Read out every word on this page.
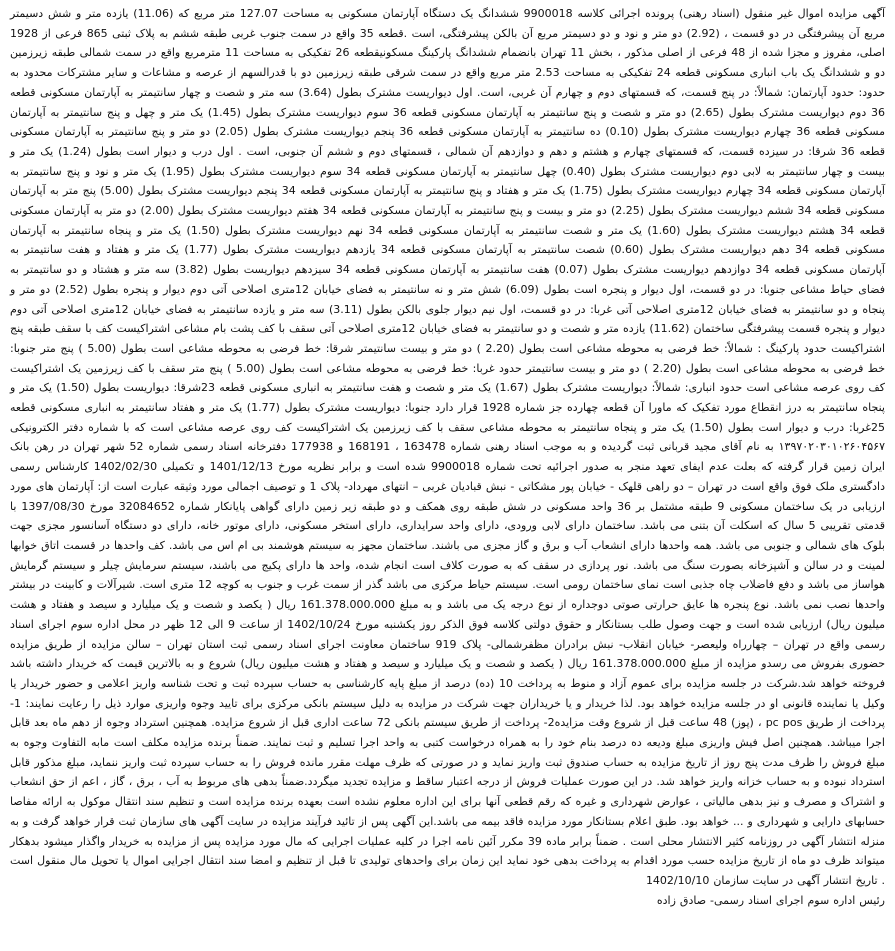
آگهی مزایده اموال غیر منقول (اسناد رهنی) پرونده اجرائی کلاسه 9900018 ششدانگ یک دستگاه آپارتمان مسکونی به مساحت 127.07 متر مربع که (11.06) یازده متر و شش دسیمتر مربع آن پیشرفتگی در دو قسمت ، (2.92) دو متر و نود و دو دسیمتر مربع آن بالکن پیشرفتگی، است .قطعه 35 واقع در سمت جنوب غربی طبقه ششم به پلاک ثبتی 865 فرعی از 1928 اصلی، مفروز و مجزا شده از 48 فرعی از اصلی مذکور ، بخش 11 تهران بانضمام ششدانگ پارکینگ مسکونیقطعه 26 تفکیکی به مساحت 11 مترمربع واقع در سمت شمالی طبقه زیرزمین دو و ششدانگ یک باب انباری مسکونی قطعه 24 تفکیکی به مساحت 2.53 متر مربع واقع در سمت شرقی طبقه زیرزمین دو با قدرالسهم از عرصه و مشاعات و سایر مشترکات محدود به حدود: حدود آپارتمان: شمالاً: در پنج قسمت، که قسمتهای دوم و چهارم آن غربی، است. اول دیواریست مشترک بطول (3.64) سه متر و شصت و چهار سانتیمتر به آپارتمان مسکونی قطعه 36 دوم دیواریست مشترک بطول (2.65) دو متر و شصت و پنج سانتیمتر به آپارتمان مسکونی قطعه 36 سوم دیواریست مشترک بطول (1.45) یک متر و چهل و پنج سانتیمتر به آپارتمان مسکونی قطعه 36 چهارم دیواریست مشترک بطول (0.10) ده سانتیمتر به آپارتمان مسکونی قطعه 36 پنجم دیواریست مشترک بطول (2.05) دو متر و پنج سانتیمتر به آپارتمان مسکونی قطعه 36 شرقا: در سیزده قسمت، که قسمتهای چهارم و هشتم و دهم و دوازدهم آن شمالی ، قسمتهای دوم و ششم آن جنوبی، است . اول درب و دیوار است بطول (1.24) یک متر و بیست و چهار سانتیمتر به لابی دوم دیواریست مشترک بطول (0.40) چهل سانتیمتر به آپارتمان مسکونی قطعه 34 سوم دیواریست مشترک بطول (1.95) یک متر و نود و پنج سانتیمتر به آپارتمان مسکونی قطعه 34 چهارم دیواریست مشترک بطول (1.75) یک متر و هفتاد و پنج سانتیمتر به آپارتمان مسکونی قطعه 34 پنجم دیواریست مشترک بطول (5.00) پنج متر به آپارتمان مسکونی قطعه 34 ششم دیواریست مشترک بطول (2.25) دو متر و بیست و پنج سانتیمتر به آپارتمان مسکونی قطعه 34 هفتم دیواریست مشترک بطول (2.00) دو متر به آپارتمان مسکونی قطعه 34 هشتم دیواریست مشترک بطول (1.60) یک متر و شصت سانتیمتر به آپارتمان مسکونی قطعه 34 نهم دیواریست مشترک بطول (1.50) یک متر و پنجاه سانتیمتر به آپارتمان مسکونی قطعه 34 دهم دیواریست مشترک بطول (0.60) شصت سانتیمتر به آپارتمان مسکونی قطعه 34 یازدهم دیواریست مشترک بطول (1.77) یک متر و هفتاد و هفت سانتیمتر به آپارتمان مسکونی قطعه 34 دوازدهم دیواریست مشترک بطول (0.07) هفت سانتیمتر به آپارتمان مسکونی قطعه 34 سیزدهم دیواریست بطول (3.82) سه متر و هشتاد و دو سانتیمتر به فضای حیاط مشاعی جنوبا: در دو قسمت، اول دیوار و پنجره است بطول (6.09) شش متر و نه سانتیمتر به فضای خیابان 12متری اصلاحی آتی دوم دیوار و پنجره بطول (2.52) دو متر و پنجاه و دو سانتیمتر به فضای خیابان 12متری اصلاحی آتی غربا: در دو قسمت، اول نیم دیوار جلوی بالکن بطول (3.11) سه متر و یازده سانتیمتر به فضای خیابان 12متری اصلاحی آتی دوم دیوار و پنجره قسمت پیشرفتگی ساختمان (11.62) یازده متر و شصت و دو سانتیمتر به فضای خیابان 12متری اصلاحی آتی سقف با کف پشت بام مشاعی اشتراکیست کف با سقف طبقه پنج اشتراکیست حدود پارکینگ : شمالاً: خط فرضی به محوطه مشاعی است بطول (2.20 ) دو متر و بیست سانتیمتر شرقا: خط فرضی به محوطه مشاعی است بطول (5.00 ) پنج متر جنوبا: خط فرضی به محوطه مشاعی است بطول (2.20 ) دو متر و بیست سانتیمتر حدود غربا: خط فرضی به محوطه مشاعی است بطول (5.00 ) پنج متر سقف با کف زیرزمین یک اشتراکیست کف روی عرصه مشاعی است حدود انباری: شمالاً: دیواریست مشترک بطول (1.67) یک متر و شصت و هفت سانتیمتر به انباری مسکونی قطعه 23شرقا: دیواریست بطول (1.50) یک متر و پنجاه سانتیمتر به درز انقطاع مورد تفکیک که ماورا آن قطعه چهارده جز شماره 1928 قرار دارد جنوبا: دیواریست مشترک بطول (1.77) یک متر و هفتاد سانتیمتر به انباری مسکونی قطعه 25غربا: درب و دیوار است بطول (1.50) یک متر و پنجاه سانتیمتر به محوطه مشاعی سقف با کف زیرزمین یک اشتراکیست کف روی عرصه مشاعی است که با شماره دفتر الکترونیکی ۱۳۹۷۰۲۰۳۰۱۰۲۶۰۴۵۶۷ به نام آقای مجید قربانی ثبت گردیده و به موجب اسناد رهنی شماره 163478 ، 168191 و 177938 دفترخانه اسناد رسمی شماره 52 شهر تهران در رهن بانک ایران زمین قرار گرفته که بعلت عدم ایفای تعهد منجر به صدور اجرائیه تحت شماره 9900018 شده است و برابر نظریه مورخ 1401/12/13 و تکمیلی 1402/02/30 کارشناس رسمی دادگستری ملک فوق واقع است در تهران – دو راهی قلهک - خیابان پور مشکاتی - نبش قبادیان غربی – انتهای مهرداد- پلاک 1 و توصیف اجمالی مورد وثیقه عبارت است از: آپارتمان های مورد ارزیابی در یک ساختمان مسکونی 9 طبقه مشتمل بر 36 واحد مسکونی در شش طبقه روی همکف و دو طبقه زیر زمین دارای گواهی پایانکار شماره 32084652 مورخ 1397/08/30 با قدمتی تقریبی 5 سال که اسکلت آن بتنی می باشد. ساختمان دارای لابی ورودی، دارای واحد سرایداری، دارای استخر مسکونی، دارای موتور خانه، دارای دو دستگاه آسانسور مجزی جهت بلوک های شمالی و جنوبی می باشد. همه واحدها دارای انشعاب آب و برق و گاز مجزی می باشند. ساختمان مجهز به سیستم هوشمند بی ام اس می باشد. کف واحدها در قسمت اتاق خوابها لمینت و در سالن و آشپزخانه بصورت سنگ می باشد. نور پردازی در سقف که به صورت کلاف است انجام شده، واحد ها دارای پکیج می باشند، سیستم سرمایش چیلر و سیستم گرمایش هواساز می باشد و دفع فاضلاب چاه جذبی است نمای ساختمان رومی است. سیستم حیاط مرکزی می باشد گذر از سمت غرب و جنوب به کوچه 12 متری است. شیرآلات و کابینت در بیشتر واحدها نصب نمی باشد. نوع پنجره ها عایق حرارتی صوتی دوجداره از نوع درجه یک می باشد و به مبلغ 161.378.000.000 ریال ( یکصد و شصت و یک میلیارد و سیصد و هفتاد و هشت میلیون ریال) ارزیابی شده است و جهت وصول طلب بستانکار و حقوق دولتی کلاسه فوق الذکر روز یکشنبه مورخ 1402/10/24 از ساعت 9 الی 12 ظهر در محل اداره سوم اجرای اسناد رسمی واقع در تهران – چهارراه ولیعصر- خیابان انقلاب- نبش برادران مظفرشمالی- پلاک 919 ساختمان معاونت اجرای اسناد رسمی ثبت استان تهران – سالن مزایده از طریق مزایده حضوری بفروش می رسدو مزایده از مبلغ 161.378.000.000 ریال ( یکصد و شصت و یک میلیارد و سیصد و هفتاد و هشت میلیون ریال) شروع و به بالاترین قیمت که خریدار داشته باشد فروخته خواهد شد.شرکت در جلسه مزایده برای عموم آزاد و منوط به پرداخت 10 (ده) درصد از مبلغ پایه کارشناسی به حساب سپرده ثبت و تحت شناسه واریز اعلامی و حضور خریدار یا وکیل یا نماینده قانونی او در جلسه مزایده خواهد بود. لذا خریدار و یا خریداران جهت شرکت در مزایده به دلیل سیستم بانکی مرکزی برای تایید وجوه واریزی موارد ذیل را رعایت نمایند: 1- پرداخت از طریق pc pos ، (پوز) 48 ساعت قبل از شروع وقت مزایده2- پرداخت از طریق سیستم بانکی 72 ساعت اداری قبل از شروع مزایده. همچنین استرداد وجوه از دهم ماه بعد قابل اجرا میباشد. همچنین اصل فیش واریزی مبلغ ودیعه ده درصد بنام خود را به همراه درخواست کتبی به واحد اجرا تسلیم و ثبت نمایند. ضمناً برنده مزایده مکلف است مابه التفاوت وجوه به مبلغ فروش را ظرف مدت پنج روز از تاریخ مزایده به حساب صندوق ثبت واریز نماید و در صورتی که ظرف مهلت مقرر مانده فروش را به حساب سپرده ثبت واریز ننماید، مبلغ مذکور قابل استرداد نبوده و به حساب خزانه واریز خواهد شد. در این صورت عملیات فروش از درجه اعتبار ساقط و مزایده تجدید میگردد.ضمناً بدهی های مربوط به آب ، برق ، گاز ، اعم از حق انشعاب و اشتراک و مصرف و نیز بدهی مالیاتی ، عوارض شهرداری و غیره که رقم قطعی آنها برای این اداره معلوم نشده است بعهده برنده مزایده است و تنظیم سند انتقال موکول به ارائه مفاصا حسابهای دارایی و شهرداری و ... خواهد بود. طبق اعلام بستانکار مورد مزایده فاقد بیمه می باشد.این آگهی پس از تائید فرآیند مزایده در سایت آگهی های سازمان ثبت قرار خواهد گرفت و به منزله انتشار آگهی در روزنامه کثیر الانتشار محلی است . ضمناً برابر ماده 39 مکرر آئین نامه اجرا در کلیه عملیات اجرایی که مال مورد مزایده پس از مزایده به خریدار واگذار میشود بدهکار میتواند ظرف دو ماه از تاریخ مزایده حسب مورد اقدام به پرداخت بدهی خود نماید این زمان برای واحدهای تولیدی تا قبل از تنظیم و امضا سند انتقال اجرایی اموال یا تحویل مال منقول است . تاریخ انتشار آگهی در سایت سازمان 1402/10/10

رئیس اداره سوم اجرای اسناد رسمی- صادق زاده
